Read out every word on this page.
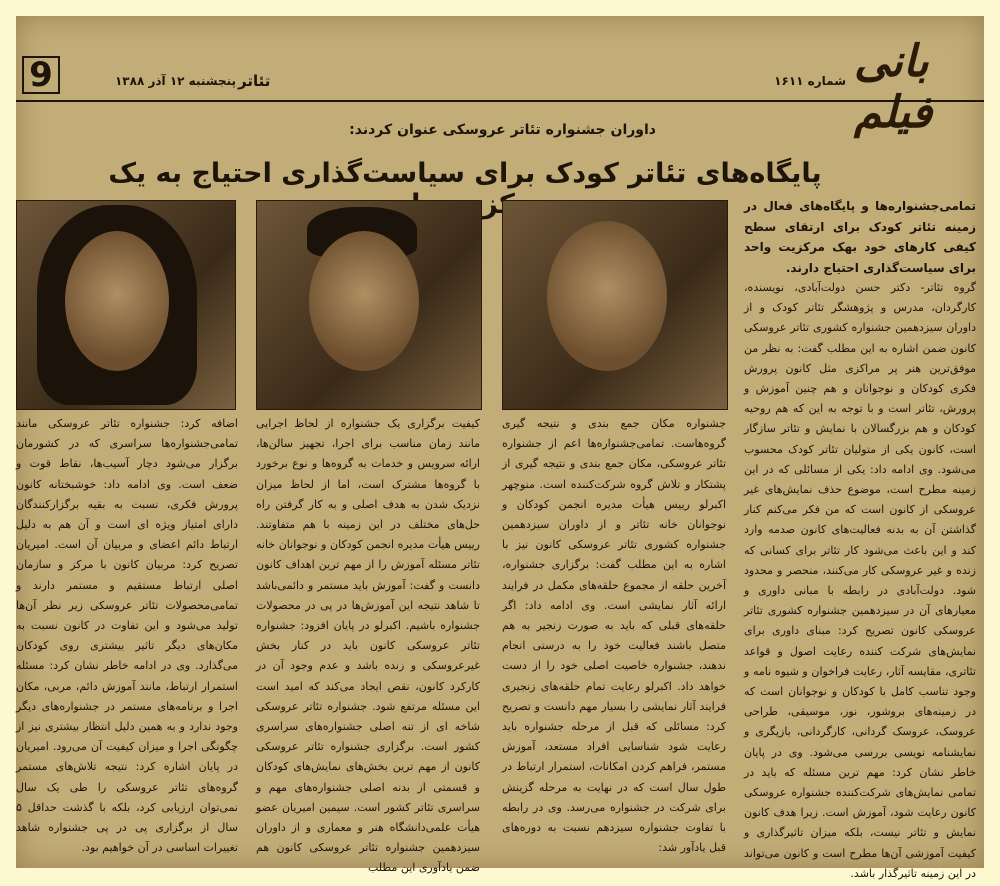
9	پنجشنبه ۱۲ آذر ۱۳۸۸ تئاتر	شماره ۱۶۱۱ بانی فیلم
داوران جشنواره تئاتر عروسکی عنوان کردند:
پایگاه‌های تئاتر کودک برای سیاست‌گذاری احتیاج به یک مرکزیت	تمامی‌جشنواره‌ها و پایگاه‌های فعال در زمینه تئاتر کودک برای ارتقای سطح کیفی کارهای خود بهک مرکزیت واحد برای سیاست‌گذاری احتیاج دارند.

گروه تئاتر- دکتر حسن دولت‌آبادی، نویسنده، کارگردان، مدرس و پژوهشگر تئاتر کودک و از داوران سیزدهمین جشنواره کشوری تئاتر عروسکی کانون ضمن اشاره به این مطلب گفت: به نظر من موفق‌ترین هنر پر مراکزی مثل کانون پرورش فکری کودکان و نوجوانان و هم چنین آموزش و پرورش، تئاتر است و با توجه به این که هم روحیه کودکان و هم بزرگسالان با نمایش و تئاتر سازگار است، کانون یکی از متولیان تئاتر کودک محسوب می‌شود. وی ادامه داد: یکی از مسائلی که در این زمینه مطرح است، موضوع حذف نمایش‌های غیر عروسکی از کانون است که من فکر می‌کنم کنار گذاشتن آن به بدنه فعالیت‌های کانون صدمه وارد کند و این باعث می‌شود کار تئاتر برای کسانی که زنده و غیر عروسکی کار می‌کنند، منحصر و محدود شود. دولت‌آبادی در رابطه با مبانی داوری و معیارهای آن در سیزدهمین جشنواره کشوری تئاتر عروسکی کانون تصریح کرد: مبنای داوری برای نمایش‌های شرکت کننده رعایت اصول و قواعد تئاتری، مقایسه آثار، رعایت فراخوان و شیوه نامه و وجود تناسب کامل با کودکان و نوجوانان است که در زمینه‌های بروشور، نور، موسیقی، طراحی عروسک، عروسک گردانی، کارگردانی، بازیگری و نمایشنامه نویسی بررسی می‌شود. وی در پایان خاطر نشان کرد: مهم ترین مسئله که باید در تمامی نمایش‌های شرکت‌کننده جشنواره عروسکی کانون رعایت شود، آموزش است. زیرا هدف کانون نمایش و تئاتر نیست، بلکه میزان تاثیرگذاری و کیفیت آموزشی آن‌ها مطرح است و کانون می‌تواند در این زمینه تاثیرگذار باشد.

جشنواره مکان جمع بندی و نتیجه گیری گروه‌هاست. تمامی‌جشنواره‌ها اعم از جشنواره تئاتر عروسکی، مکان جمع بندی و نتیجه گیری از پشتکار و تلاش گروه شرکت‌کننده است. منوچهر اکبرلو رییس هیأت مدیره انجمن کودکان و نوجوانان خانه تئاتر و از داوران سیزدهمین جشنواره کشوری تئاتر عروسکی کانون نیز با اشاره به این مطلب گفت: برگزاری جشنواره، آخرین حلقه از مجموع حلقه‌های مکمل در فرایند ارائه آثار نمایشی است. وی ادامه داد: اگر حلقه‌های قبلی که باید به صورت زنجیر به هم متصل باشند فعالیت خود را به درستی انجام ندهند، جشنواره خاصیت اصلی خود را از دست خواهد داد. اکبرلو رعایت تمام حلقه‌های زنجیری فرایند آثار نمایشی را بسیار مهم دانست و تصریح کرد: مسائلی که قبل از مرحله جشنواره باید رعایت شود شناسایی افراد مستعد، آموزش مستمر، فراهم کردن امکانات، استمرار ارتباط در طول سال است که در نهایت به مرحله گزینش برای شرکت در جشنواره می‌رسد. وی در رابطه با تفاوت جشنواره سیزدهم نسبت به دوره‌های قبل یادآور شد:

کیفیت برگزاری یک جشنواره از لحاظ اجرایی مانند زمان مناسب برای اجرا، تجهیز سالن‌ها، ارائه سرویس و خدمات به گروه‌ها و نوع برخورد با گروه‌ها مشترک است، اما از لحاظ میزان نزدیک شدن به هدف اصلی و به کار گرفتن راه حل‌های مختلف در این زمینه با هم متفاوتند. رییس هیأت مدیره انجمن کودکان و نوجوانان خانه تئاتر مسئله آموزش را از مهم ترین اهداف کانون دانست و گفت: آموزش باید مستمر و دائمی‌باشد تا شاهد نتیجه این آموزش‌ها در پی در محصولات جشنواره باشیم. اکبرلو در پایان افزود: جشنواره تئاتر عروسکی کانون باید در کنار بخش غیرعروسکی و زنده باشد و عدم وجود آن در کارکرد کانون، نقص ایجاد می‌کند که امید است این مسئله مرتفع شود. جشنواره تئاتر عروسکی شاخه ای از تنه اصلی جشنواره‌های سراسری کشور است. برگزاری جشنواره تئاتر عروسکی کانون از مهم ترین بخش‌های نمایش‌های کودکان و قسمتی از بدنه اصلی جشنواره‌های مهم و سراسری تئاتر کشور است. سیمین امیریان عضو هیأت علمی‌دانشگاه هنر و معماری و از داوران سیزدهمین جشنواره تئاتر عروسکی کانون هم ضمن یادآوری این مطلب

اضافه کرد: جشنواره تئاتر عروسکی مانند تمامی‌جشنواره‌ها سراسری که در کشورمان برگزار می‌شود دچار آسیب‌ها، نقاط قوت و ضعف است. وی ادامه داد: خوشبختانه کانون پرورش فکری، نسبت به بقیه برگزارکنندگان دارای امتیاز ویژه ای است و آن هم به دلیل ارتباط دائم اعضای و مربیان آن است. امیریان تصریح کرد: مربیان کانون با مرکز و سازمان اصلی ارتباط مستقیم و مستمر دارند و تمامی‌محصولات تئاتر عروسکی زیر نظر آن‌ها تولید می‌شود و این تفاوت در کانون نسبت به مکان‌های دیگر تاثیر بیشتری روی کودکان می‌گذارد. وی در ادامه خاطر نشان کرد: مسئله استمرار ارتباط، مانند آموزش دائم، مربی، مکان اجرا و برنامه‌های مستمر در جشنواره‌های دیگر وجود ندارد و به همین دلیل انتظار بیشتری نیز از چگونگی اجرا و میزان کیفیت آن می‌رود. امیریان در پایان اشاره کرد: نتیجه تلاش‌های مستمر گروه‌های تئاتر عروسکی را طی یک سال نمی‌توان ارزیابی کرد، بلکه با گذشت حداقل ۵ سال از برگزاری پی در پی جشنواره شاهد تغییرات اساسی در آن خواهیم بود.
